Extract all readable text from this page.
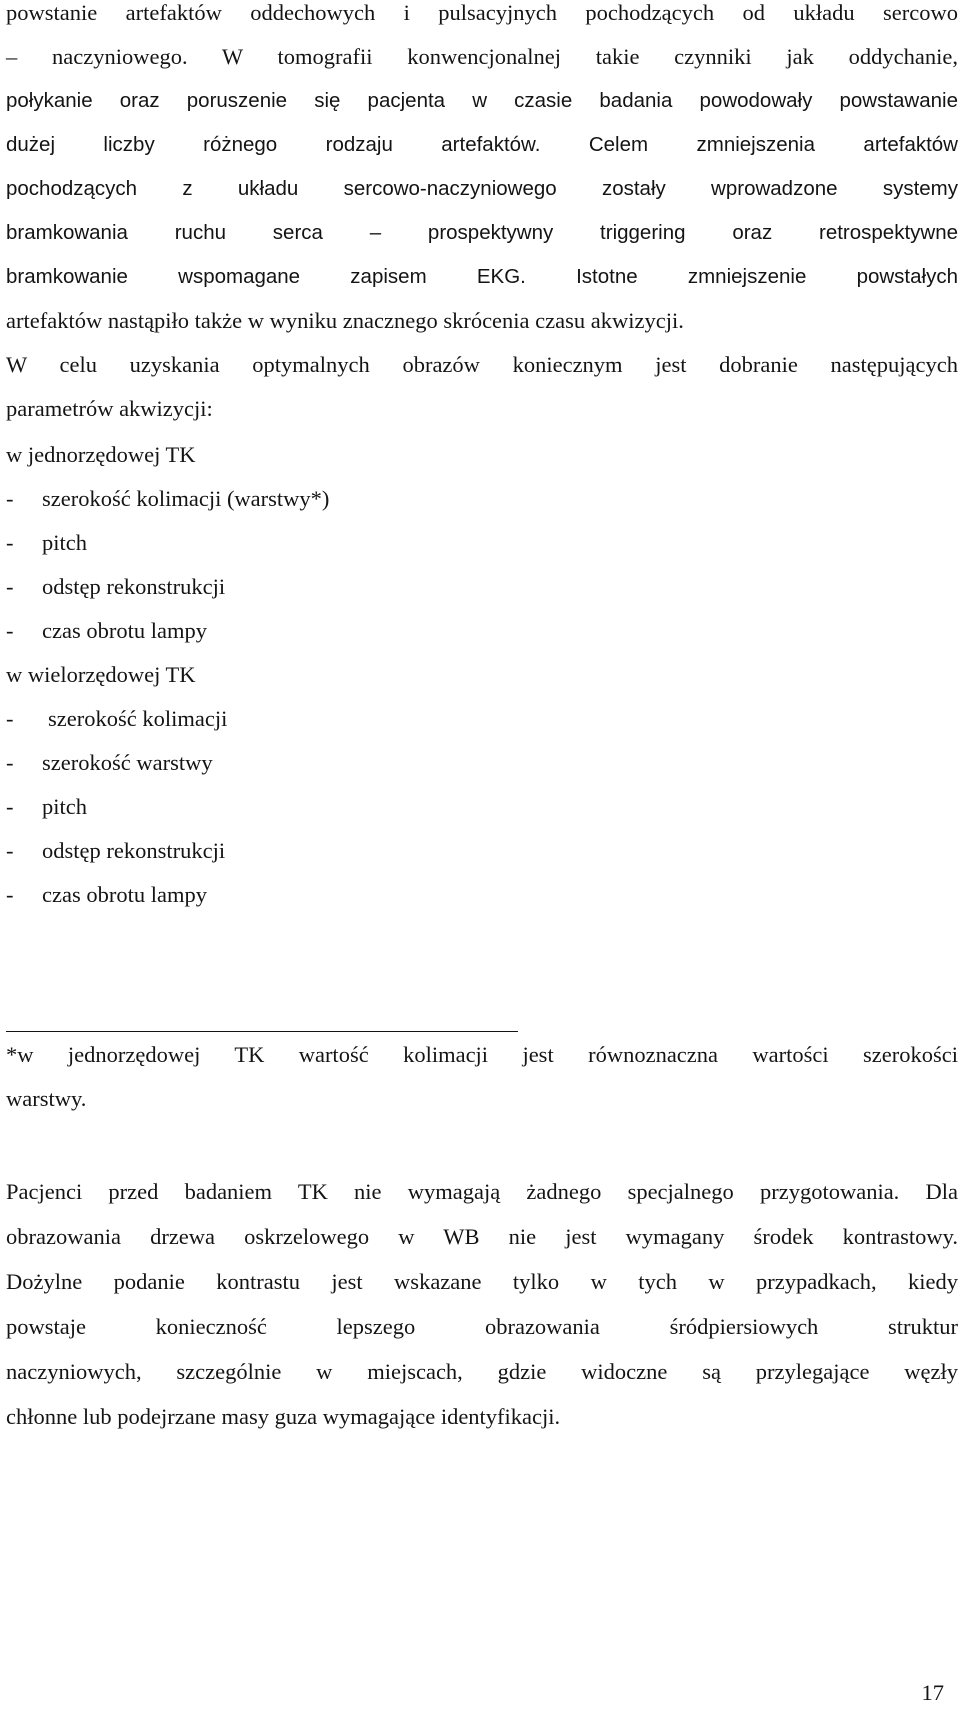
powstanie artefaktów oddechowych i pulsacyjnych pochodzących od układu sercowo
– naczyniowego. W tomografii konwencjonalnej takie czynniki jak oddychanie,
połykanie oraz poruszenie się pacjenta w czasie badania powodowały powstawanie
dużej liczby różnego rodzaju artefaktów. Celem zmniejszenia artefaktów
pochodzących z układu sercowo-naczyniowego zostały wprowadzone systemy
bramkowania ruchu serca – prospektywny triggering oraz retrospektywne
bramkowanie wspomagane zapisem EKG. Istotne zmniejszenie powstałych
artefaktów nastąpiło także w wyniku znacznego skrócenia czasu akwizycji.
W celu uzyskania optymalnych obrazów koniecznym jest dobranie następujących
parametrów akwizycji:
w jednorzędowej TK
- szerokość kolimacji (warstwy*)
- pitch
- odstęp rekonstrukcji
- czas obrotu lampy
w wielorzędowej TK
- szerokość kolimacji
- szerokość warstwy
- pitch
- odstęp rekonstrukcji
- czas obrotu lampy
*w jednorzędowej TK wartość kolimacji jest równoznaczna wartości szerokości
warstwy.
Pacjenci przed badaniem TK nie wymagają żadnego specjalnego przygotowania. Dla
obrazowania drzewa oskrzelowego w WB nie jest wymagany środek kontrastowy.
Dożylne podanie kontrastu jest wskazane tylko w tych w przypadkach, kiedy
powstaje konieczność lepszego obrazowania śródpiersiowych struktur
naczyniowych, szczególnie w miejscach, gdzie widoczne są przylegające węzły
chłonne lub podejrzane masy guza wymagające identyfikacji.
17
